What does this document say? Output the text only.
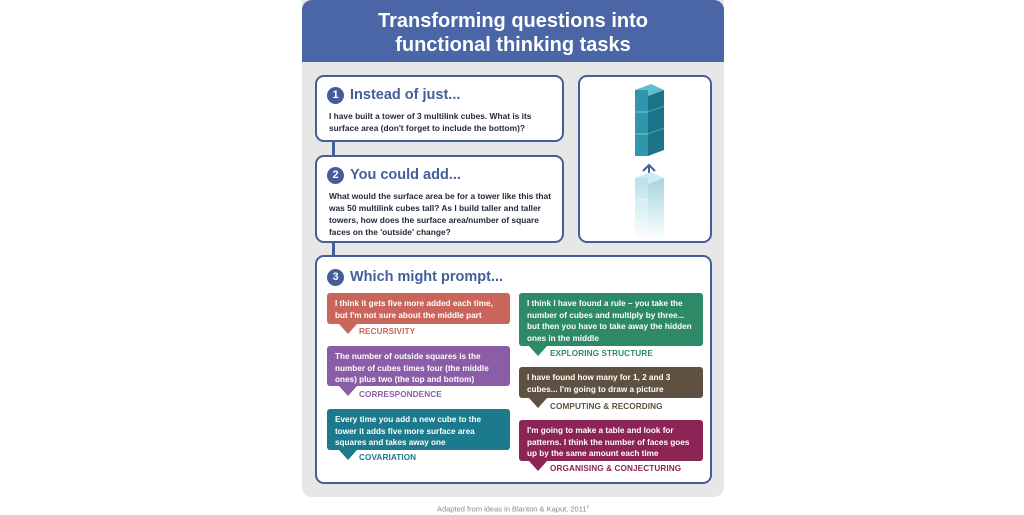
Transforming questions into
functional thinking tasks
1 Instead of just...
I have built a tower of 3 multilink cubes. What is its
surface area (don't forget to include the bottom)?
2 You could add...
What would the surface area be for a tower like this that
was 50 multilink cubes tall? As I build taller and taller
towers, how does the surface area/number of square
faces on the 'outside' change?
3 Which might prompt...
I think it gets five more added each time,
but I'm not sure about the middle part
RECURSIVITY
The number of outside squares is the
number of cubes times four (the middle
ones) plus two (the top and bottom)
CORRESPONDENCE
Every time you add a new cube to the
tower it adds five more surface area
squares and takes away one
COVARIATION
I think I have found a rule – you take the
number of cubes and multiply by three...
but then you have to take away the hidden
ones in the middle
EXPLORING STRUCTURE
I have found how many for 1, 2 and 3
cubes... I'm going to draw a picture
COMPUTING & RECORDING
I'm going to make a table and look for
patterns. I think the number of faces goes
up by the same amount each time
ORGANISING & CONJECTURING
Adapted from ideas in Blanton & Kaput, 2011$^v$
